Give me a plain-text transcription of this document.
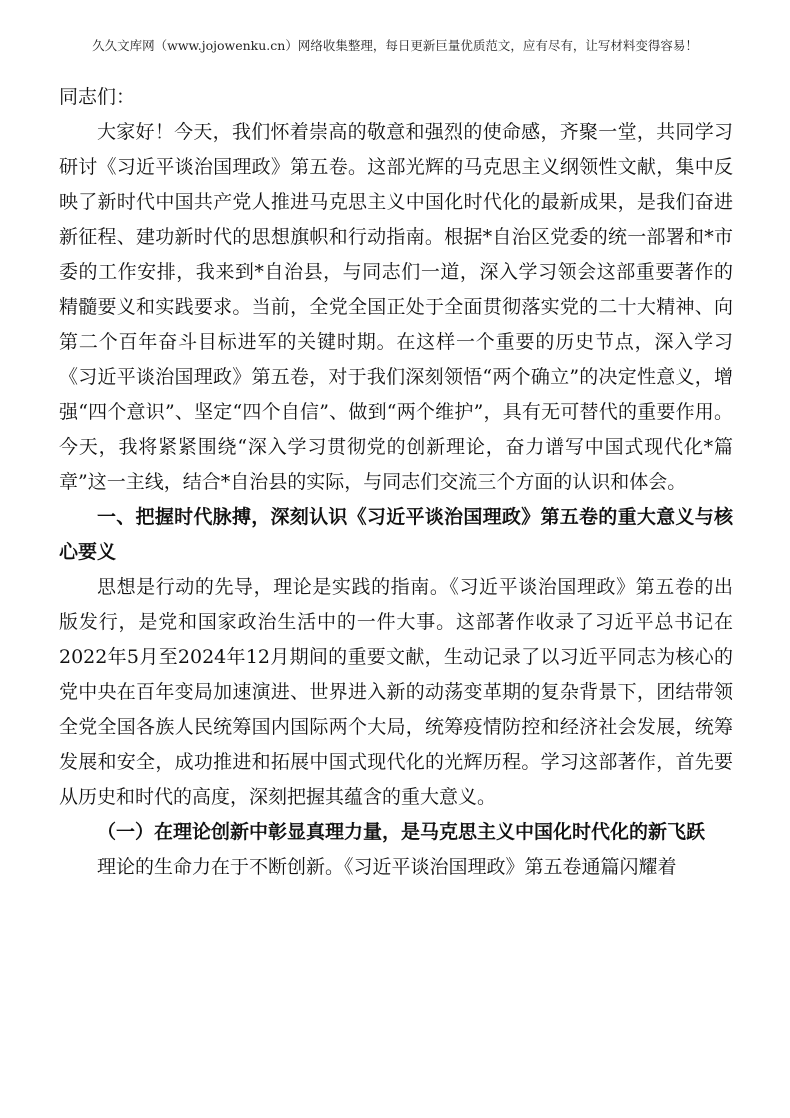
久久文库网（www.jojowenku.cn）网络收集整理，每日更新巨量优质范文，应有尽有，让写材料变得容易！

同志们：

大家好！今天，我们怀着崇高的敬意和强烈的使命感，齐聚一堂，共同学习研讨《习近平谈治国理政》第五卷。这部光辉的马克思主义纲领性文献，集中反映了新时代中国共产党人推进马克思主义中国化时代化的最新成果，是我们奋进新征程、建功新时代的思想旗帜和行动指南。根据*自治区党委的统一部署和*市委的工作安排，我来到*自治县，与同志们一道，深入学习领会这部重要著作的精髓要义和实践要求。当前，全党全国正处于全面贯彻落实党的二十大精神、向第二个百年奋斗目标进军的关键时期。在这样一个重要的历史节点，深入学习《习近平谈治国理政》第五卷，对于我们深刻领悟“两个确立”的决定性意义，增强“四个意识”、坚定“四个自信”、做到“两个维护”，具有无可替代的重要作用。今天，我将紧紧围绕“深入学习贯彻党的创新理论，奋力谱写中国式现代化*篇章”这一主线，结合*自治县的实际，与同志们交流三个方面的认识和体会。

一、把握时代脉搏，深刻认识《习近平谈治国理政》第五卷的重大意义与核心要义

思想是行动的先导，理论是实践的指南。《习近平谈治国理政》第五卷的出版发行，是党和国家政治生活中的一件大事。这部著作收录了习近平总书记在2022年5月至2024年12月期间的重要文献，生动记录了以习近平同志为核心的党中央在百年变局加速演进、世界进入新的动荡变革期的复杂背景下，团结带领全党全国各族人民统筹国内国际两个大局，统筹疫情防控和经济社会发展，统筹发展和安全，成功推进和拓展中国式现代化的光辉历程。学习这部著作，首先要从历史和时代的高度，深刻把握其蕴含的重大意义。

（一）在理论创新中彰显真理力量，是马克思主义中国化时代化的新飞跃

理论的生命力在于不断创新。《习近平谈治国理政》第五卷通篇闪耀着
